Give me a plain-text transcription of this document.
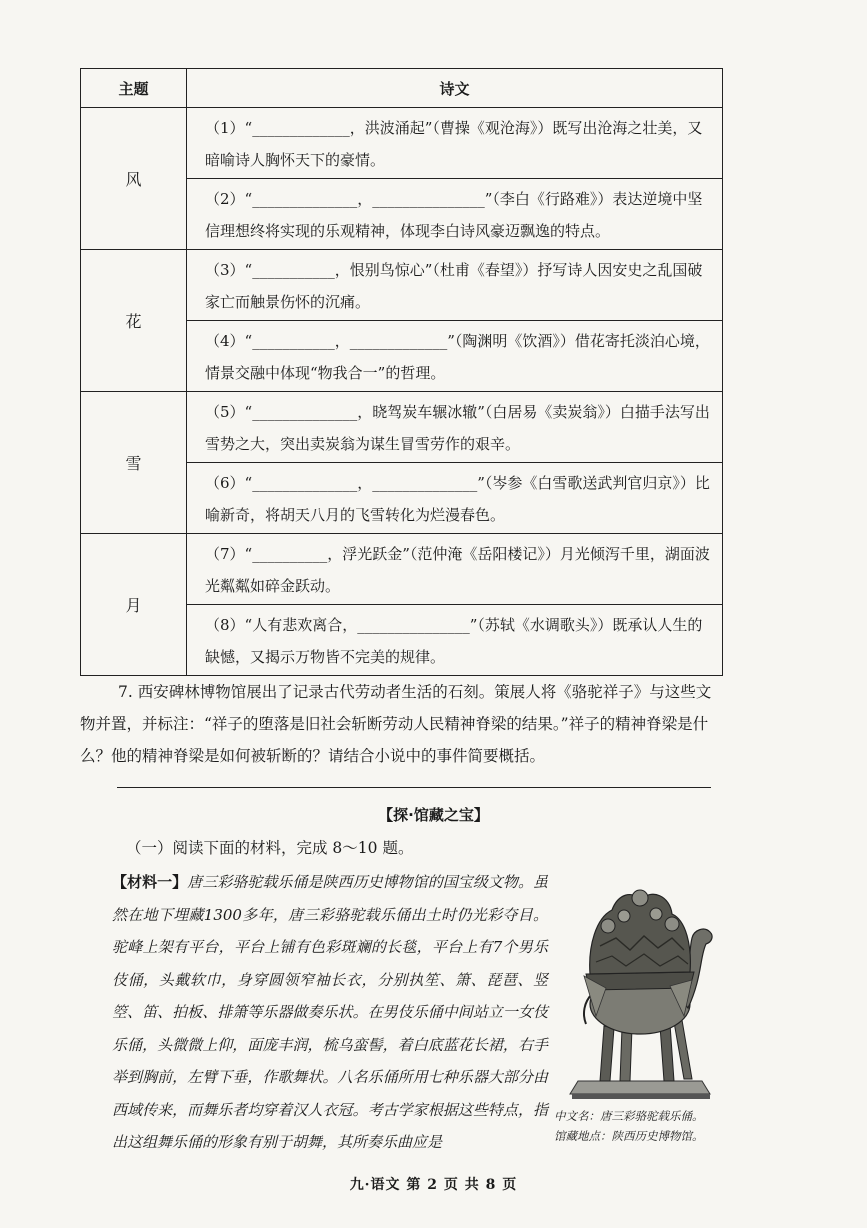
主题	诗文
风	（1）“_____________，洪波涌起”（曹操《观沧海》）既写出沧海之壮美，又暗喻诗人胸怀天下的豪情。
	（2）“______________，_______________”（李白《行路难》）表达逆境中坚信理想终将实现的乐观精神，体现李白诗风豪迈飘逸的特点。
花	（3）“___________，恨别鸟惊心”（杜甫《春望》）抒写诗人因安史之乱国破家亡而触景伤怀的沉痛。
	（4）“___________，_____________”（陶渊明《饮酒》）借花寄托淡泊心境，情景交融中体现“物我合一”的哲理。
雪	（5）“______________，晓驾炭车辗冰辙”（白居易《卖炭翁》）白描手法写出雪势之大，突出卖炭翁为谋生冒雪劳作的艰辛。
	（6）“______________，______________”（岑参《白雪歌送武判官归京》）比喻新奇，将胡天八月的飞雪转化为烂漫春色。
月	（7）“__________，浮光跃金”（范仲淹《岳阳楼记》）月光倾泻千里，湖面波光粼粼如碎金跃动。
	（8）“人有悲欢离合，_______________”（苏轼《水调歌头》）既承认人生的缺憾，又揭示万物皆不完美的规律。

7. 西安碑林博物馆展出了记录古代劳动者生活的石刻。策展人将《骆驼祥子》与这些文物并置，并标注：“祥子的堕落是旧社会斩断劳动人民精神脊梁的结果。”祥子的精神脊梁是什么？他的精神脊梁是如何被斩断的？请结合小说中的事件简要概括。

【探·馆藏之宝】
（一）阅读下面的材料，完成 8～10 题。

【材料一】唐三彩骆驼载乐俑是陕西历史博物馆的国宝级文物。虽然在地下埋藏1300多年，唐三彩骆驼载乐俑出土时仍光彩夺目。驼峰上架有平台，平台上铺有色彩斑斓的长毯，平台上有7个男乐伎俑，头戴软巾，身穿圆领窄袖长衣，分别执笙、箫、琵琶、竖箜、笛、拍板、排箫等乐器做奏乐状。在男伎乐俑中间站立一女伎乐俑，头微微上仰，面庞丰润，梳乌蛮髻，着白底蓝花长裙，右手举到胸前，左臂下垂，作歌舞状。八名乐俑所用七种乐器大部分由西域传来，而舞乐者均穿着汉人衣冠。考古学家根据这些特点，指出这组舞乐俑的形象有别于胡舞，其所奏乐曲应是

中文名：唐三彩骆驼载乐俑。
馆藏地点：陕西历史博物馆。
九·语文 第 2 页 共 8 页
